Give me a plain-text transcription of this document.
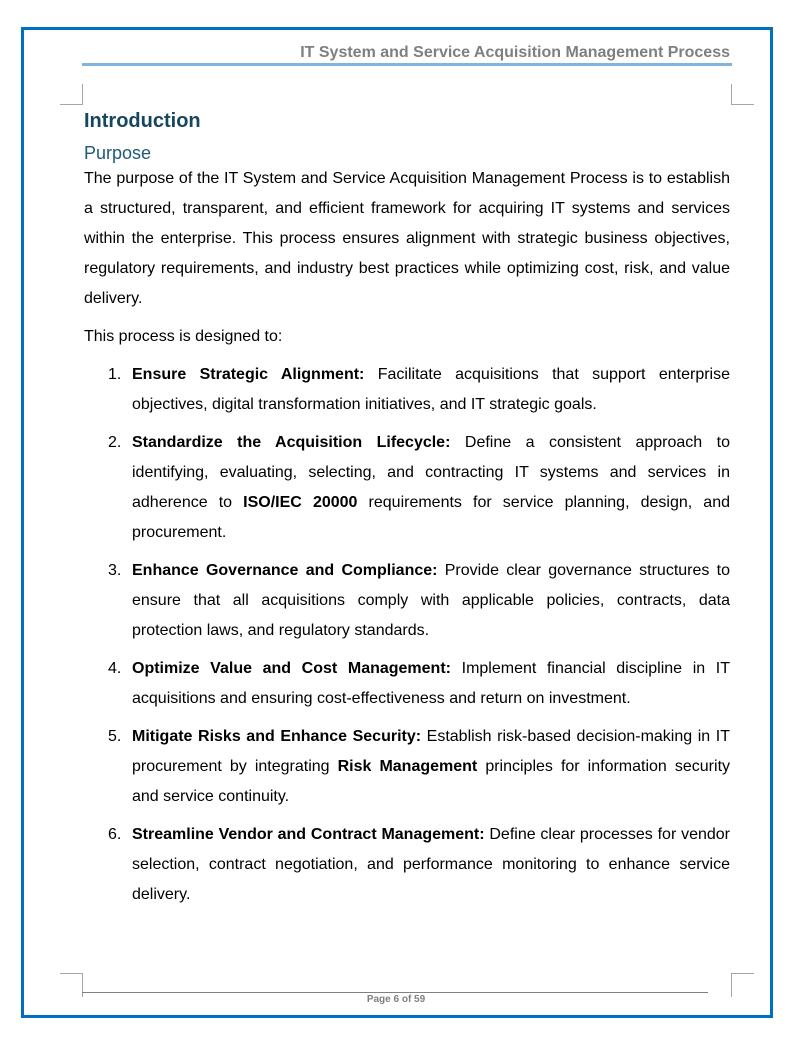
IT System and Service Acquisition Management Process
Introduction
Purpose

The purpose of the IT System and Service Acquisition Management Process is to establish a structured, transparent, and efficient framework for acquiring IT systems and services within the enterprise. This process ensures alignment with strategic business objectives, regulatory requirements, and industry best practices while optimizing cost, risk, and value delivery.

This process is designed to:

1. Ensure Strategic Alignment: Facilitate acquisitions that support enterprise objectives, digital transformation initiatives, and IT strategic goals.
2. Standardize the Acquisition Lifecycle: Define a consistent approach to identifying, evaluating, selecting, and contracting IT systems and services in adherence to ISO/IEC 20000 requirements for service planning, design, and procurement.
3. Enhance Governance and Compliance: Provide clear governance structures to ensure that all acquisitions comply with applicable policies, contracts, data protection laws, and regulatory standards.
4. Optimize Value and Cost Management: Implement financial discipline in IT acquisitions and ensuring cost-effectiveness and return on investment.
5. Mitigate Risks and Enhance Security: Establish risk-based decision-making in IT procurement by integrating Risk Management principles for information security and service continuity.
6. Streamline Vendor and Contract Management: Define clear processes for vendor selection, contract negotiation, and performance monitoring to enhance service delivery.
Page 6 of 59
